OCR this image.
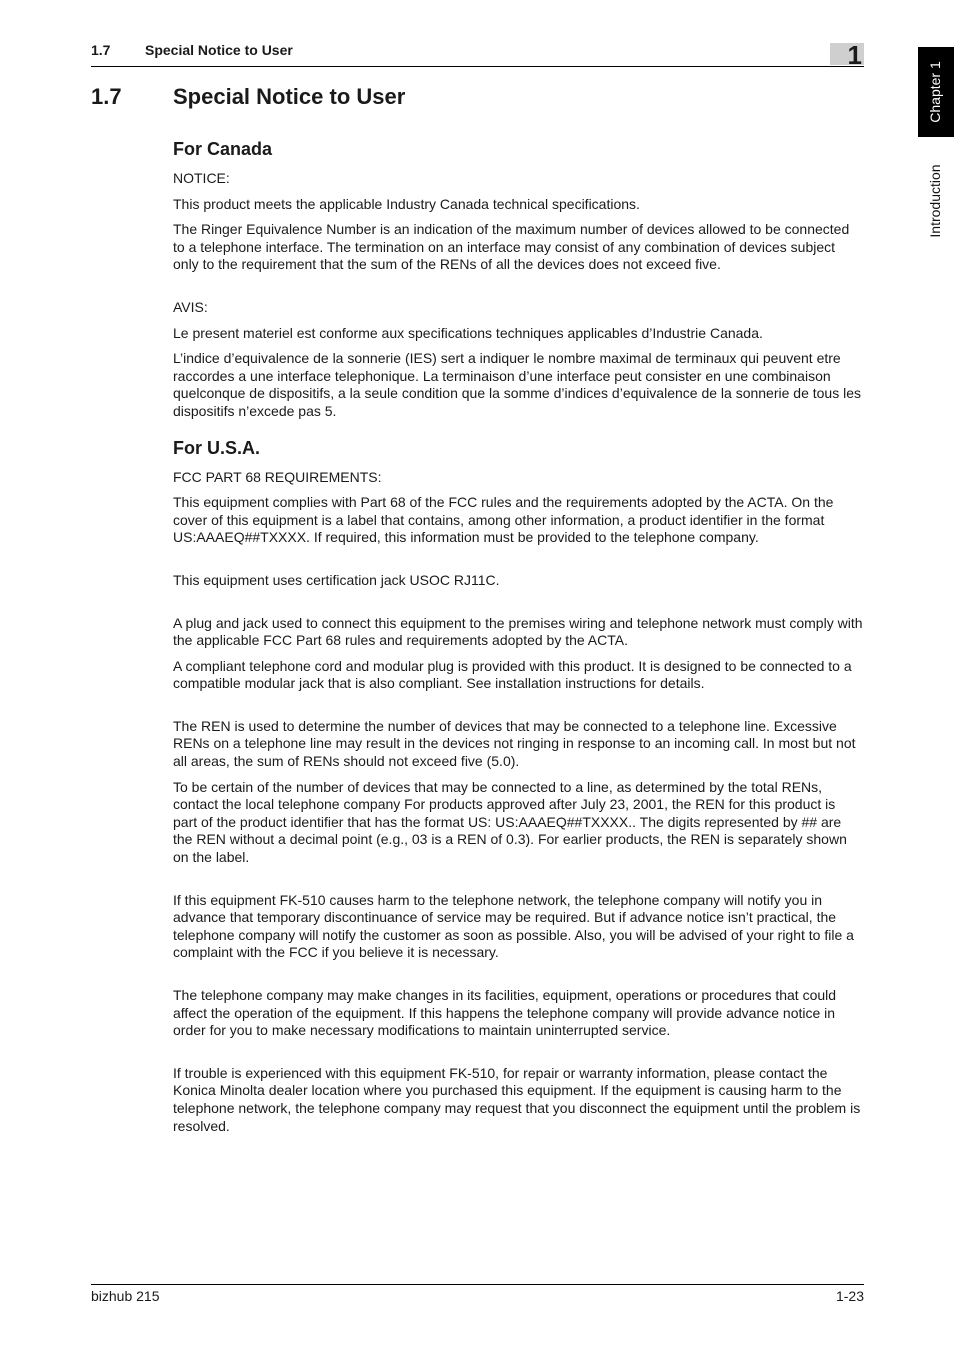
1.7 Special Notice to User	1
Chapter 1
Introduction
1.7 Special Notice to User
For Canada

NOTICE:

This product meets the applicable Industry Canada technical specifications.

The Ringer Equivalence Number is an indication of the maximum number of devices allowed to be connected to a telephone interface. The termination on an interface may consist of any combination of devices subject only to the requirement that the sum of the RENs of all the devices does not exceed five.

AVIS:

Le present materiel est conforme aux specifications techniques applicables d’Industrie Canada.

L’indice d’equivalence de la sonnerie (IES) sert a indiquer le nombre maximal de terminaux qui peuvent etre raccordes a une interface telephonique. La terminaison d’une interface peut consister en une combinaison quelconque de dispositifs, a la seule condition que la somme d’indices d’equivalence de la sonnerie de tous les dispositifs n’excede pas 5.

For U.S.A.

FCC PART 68 REQUIREMENTS:

This equipment complies with Part 68 of the FCC rules and the requirements adopted by the ACTA. On the cover of this equipment is a label that contains, among other information, a product identifier in the format US:AAAEQ##TXXXX. If required, this information must be provided to the telephone company.

This equipment uses certification jack USOC RJ11C.

A plug and jack used to connect this equipment to the premises wiring and telephone network must comply with the applicable FCC Part 68 rules and requirements adopted by the ACTA.

A compliant telephone cord and modular plug is provided with this product. It is designed to be connected to a compatible modular jack that is also compliant. See installation instructions for details.

The REN is used to determine the number of devices that may be connected to a telephone line. Excessive RENs on a telephone line may result in the devices not ringing in response to an incoming call. In most but not all areas, the sum of RENs should not exceed five (5.0).

To be certain of the number of devices that may be connected to a line, as determined by the total RENs, contact the local telephone company For products approved after July 23, 2001, the REN for this product is part of the product identifier that has the format US: US:AAAEQ##TXXXX.. The digits represented by ## are the REN without a decimal point (e.g., 03 is a REN of 0.3). For earlier products, the REN is separately shown on the label.

If this equipment FK-510 causes harm to the telephone network, the telephone company will notify you in advance that temporary discontinuance of service may be required. But if advance notice isn’t practical, the telephone company will notify the customer as soon as possible. Also, you will be advised of your right to file a complaint with the FCC if you believe it is necessary.

The telephone company may make changes in its facilities, equipment, operations or procedures that could affect the operation of the equipment. If this happens the telephone company will provide advance notice in order for you to make necessary modifications to maintain uninterrupted service.

If trouble is experienced with this equipment FK-510, for repair or warranty information, please contact the Konica Minolta dealer location where you purchased this equipment. If the equipment is causing harm to the telephone network, the telephone company may request that you disconnect the equipment until the problem is resolved.

bizhub 215	1-23
